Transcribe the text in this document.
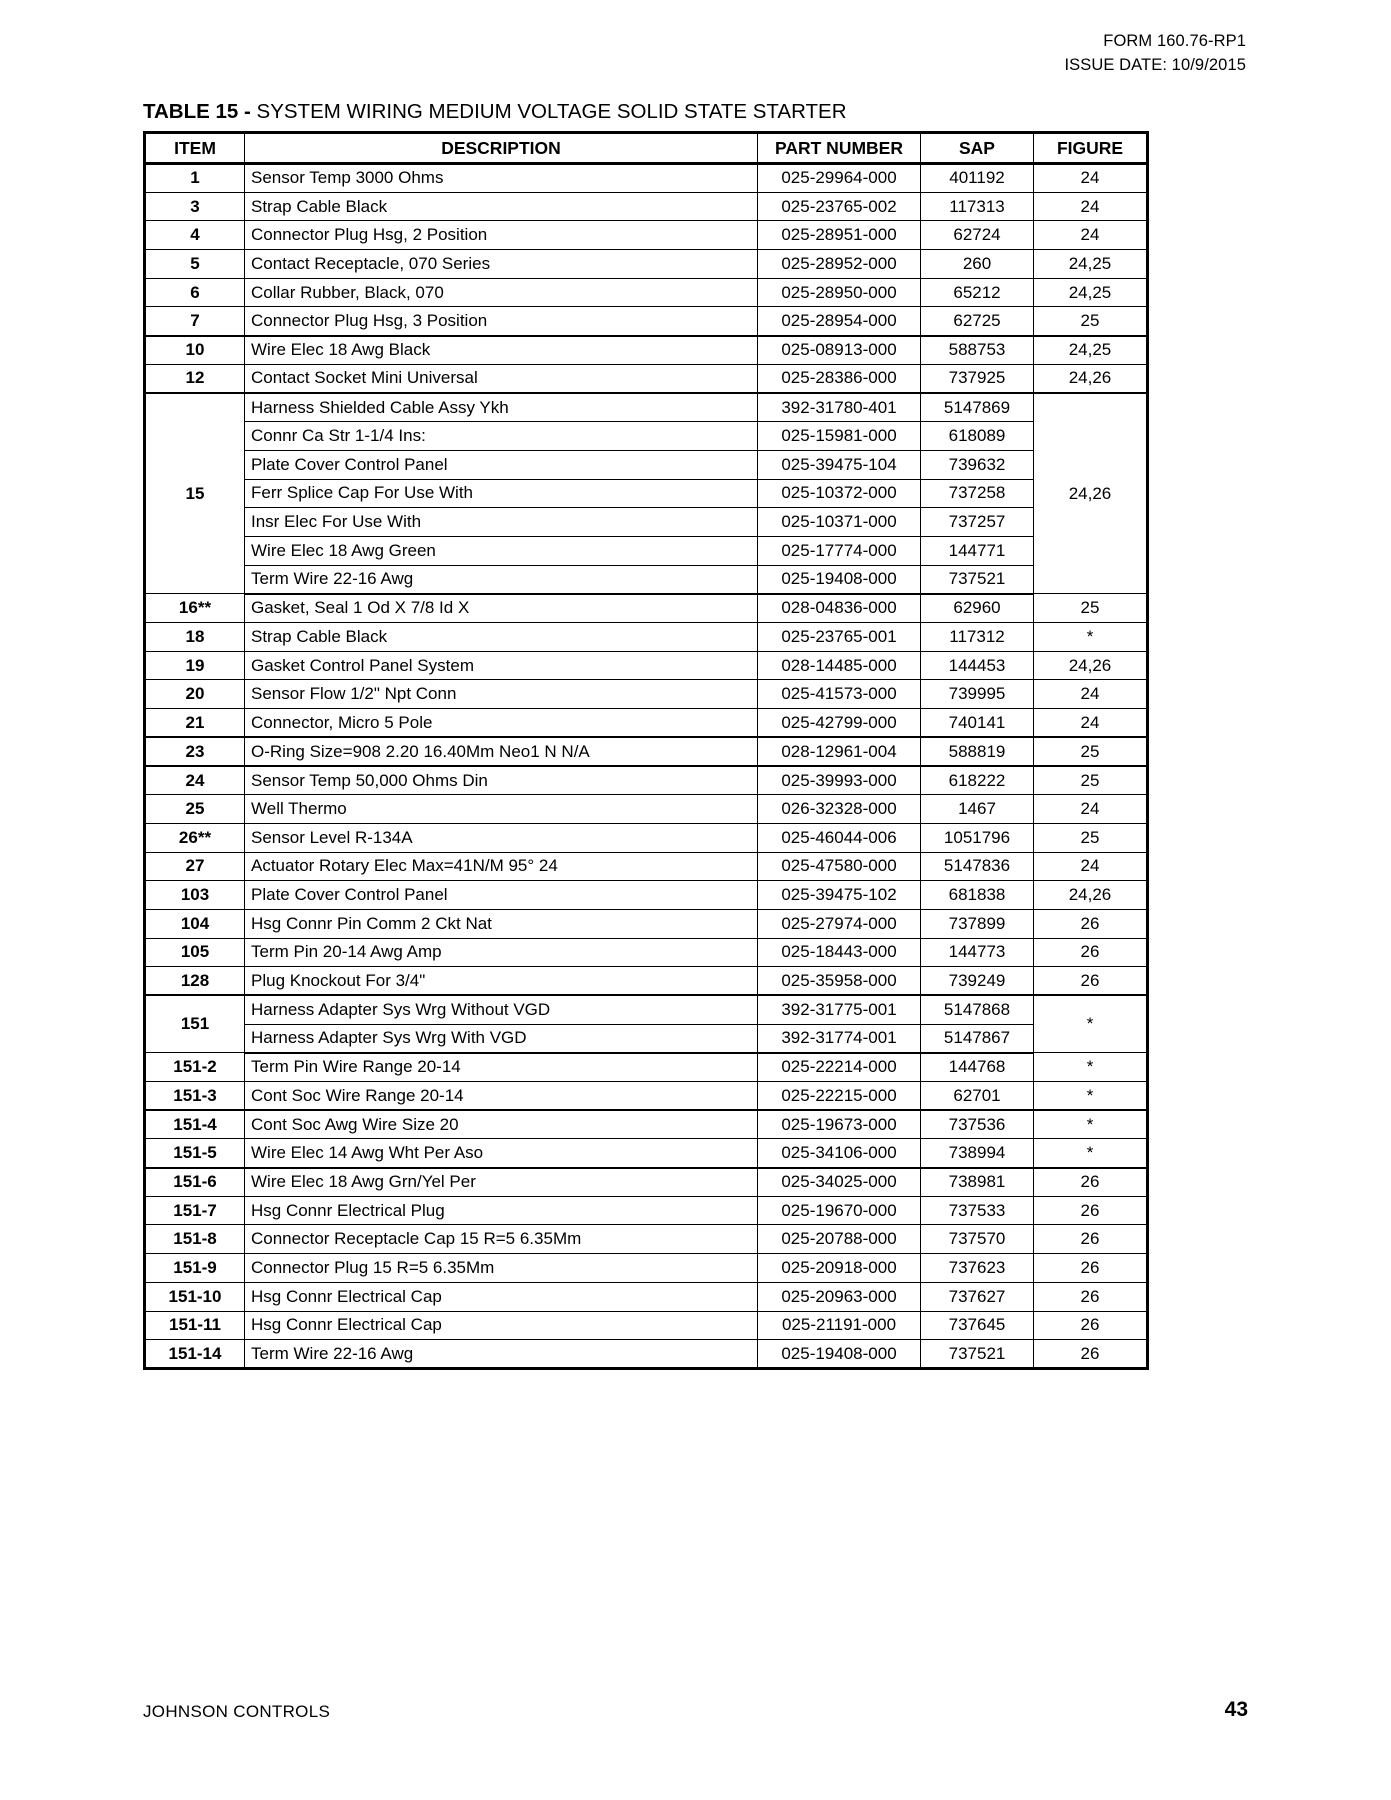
FORM 160.76-RP1
ISSUE DATE: 10/9/2015
TABLE 15 - SYSTEM WIRING MEDIUM VOLTAGE SOLID STATE STARTER
ITEM	DESCRIPTION	PART NUMBER	SAP	FIGURE
1	Sensor Temp 3000 Ohms	025-29964-000	401192	24
3	Strap Cable Black	025-23765-002	117313	24
4	Connector Plug Hsg, 2 Position	025-28951-000	62724	24
5	Contact Receptacle, 070 Series	025-28952-000	260	24,25
6	Collar Rubber, Black, 070	025-28950-000	65212	24,25
7	Connector Plug Hsg, 3 Position	025-28954-000	62725	25
10	Wire Elec 18 Awg Black	025-08913-000	588753	24,25
12	Contact Socket Mini Universal	025-28386-000	737925	24,26
15	Harness Shielded Cable Assy Ykh	392-31780-401	5147869	24,26
	Connr Ca Str 1-1/4 Ins:	025-15981-000	618089	
	Plate Cover Control Panel	025-39475-104	739632	
	Ferr Splice Cap For Use With	025-10372-000	737258	
	Insr Elec For Use With	025-10371-000	737257	
	Wire Elec 18 Awg Green	025-17774-000	144771	
	Term Wire 22-16 Awg	025-19408-000	737521	
16**	Gasket, Seal 1 Od X 7/8 Id X	028-04836-000	62960	25
18	Strap Cable Black	025-23765-001	117312	*
19	Gasket Control Panel System	028-14485-000	144453	24,26
20	Sensor Flow 1/2" Npt Conn	025-41573-000	739995	24
21	Connector, Micro 5 Pole	025-42799-000	740141	24
23	O-Ring Size=908 2.20 16.40Mm Neo1 N N/A	028-12961-004	588819	25
24	Sensor Temp 50,000 Ohms Din	025-39993-000	618222	25
25	Well Thermo	026-32328-000	1467	24
26**	Sensor Level R-134A	025-46044-006	1051796	25
27	Actuator Rotary Elec Max=41N/M 95° 24	025-47580-000	5147836	24
103	Plate Cover Control Panel	025-39475-102	681838	24,26
104	Hsg Connr Pin Comm 2 Ckt Nat	025-27974-000	737899	26
105	Term Pin 20-14 Awg Amp	025-18443-000	144773	26
128	Plug Knockout For 3/4"	025-35958-000	739249	26
151	Harness Adapter Sys Wrg Without VGD	392-31775-001	5147868	*
	Harness Adapter Sys Wrg With VGD	392-31774-001	5147867	
151-2	Term Pin Wire Range 20-14	025-22214-000	144768	*
151-3	Cont Soc Wire Range 20-14	025-22215-000	62701	*
151-4	Cont Soc Awg Wire Size 20	025-19673-000	737536	*
151-5	Wire Elec 14 Awg Wht Per Aso	025-34106-000	738994	*
151-6	Wire Elec 18 Awg Grn/Yel Per	025-34025-000	738981	26
151-7	Hsg Connr Electrical Plug	025-19670-000	737533	26
151-8	Connector Receptacle Cap 15 R=5 6.35Mm	025-20788-000	737570	26
151-9	Connector Plug 15 R=5 6.35Mm	025-20918-000	737623	26
151-10	Hsg Connr Electrical Cap	025-20963-000	737627	26
151-11	Hsg Connr Electrical Cap	025-21191-000	737645	26
151-14	Term Wire 22-16 Awg	025-19408-000	737521	26
JOHNSON CONTROLS	43
